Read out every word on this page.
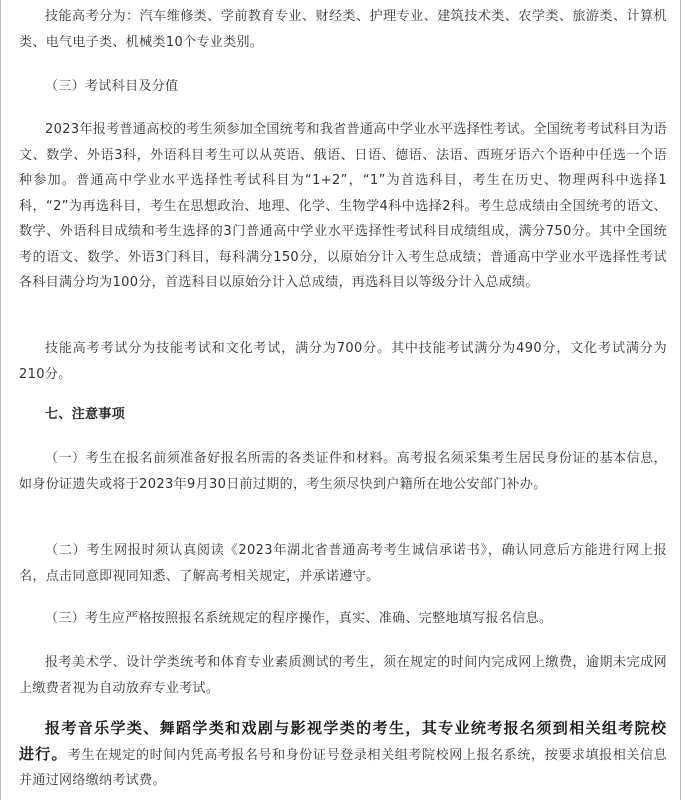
技能高考分为：汽车维修类、学前教育专业、财经类、护理专业、建筑技术类、农学类、旅游类、计算机类、电气电子类、机械类10个专业类别。

（三）考试科目及分值

2023年报考普通高校的考生须参加全国统考和我省普通高中学业水平选择性考试。全国统考考试科目为语文、数学、外语3科，外语科目考生可以从英语、俄语、日语、德语、法语、西班牙语六个语种中任选一个语种参加。普通高中学业水平选择性考试科目为“1+2”，“1”为首选科目，考生在历史、物理两科中选择1科，“2”为再选科目，考生在思想政治、地理、化学、生物学4科中选择2科。考生总成绩由全国统考的语文、数学、外语科目成绩和考生选择的3门普通高中学业水平选择性考试科目成绩组成，满分750分。其中全国统考的语文、数学、外语3门科目，每科满分150分，以原始分计入考生总成绩；普通高中学业水平选择性考试各科目满分均为100分，首选科目以原始分计入总成绩，再选科目以等级分计入总成绩。

技能高考考试分为技能考试和文化考试，满分为700分。其中技能考试满分为490分，文化考试满分为210分。

七、注意事项

（一）考生在报名前须准备好报名所需的各类证件和材料。高考报名须采集考生居民身份证的基本信息，如身份证遗失或将于2023年9月30日前过期的，考生须尽快到户籍所在地公安部门补办。

（二）考生网报时须认真阅读《2023年湖北省普通高考考生诚信承诺书》，确认同意后方能进行网上报名，点击同意即视同知悉、了解高考相关规定，并承诺遵守。

（三）考生应严格按照报名系统规定的程序操作，真实、准确、完整地填写报名信息。

报考美术学、设计学类统考和体育专业素质测试的考生，须在规定的时间内完成网上缴费，逾期未完成网上缴费者视为自动放弃专业考试。

报考音乐学类、舞蹈学类和戏剧与影视学类的考生，其专业统考报名须到相关组考院校进行。考生在规定的时间内凭高考报名号和身份证号登录相关组考院校网上报名系统，按要求填报相关信息并通过网络缴纳考试费。
